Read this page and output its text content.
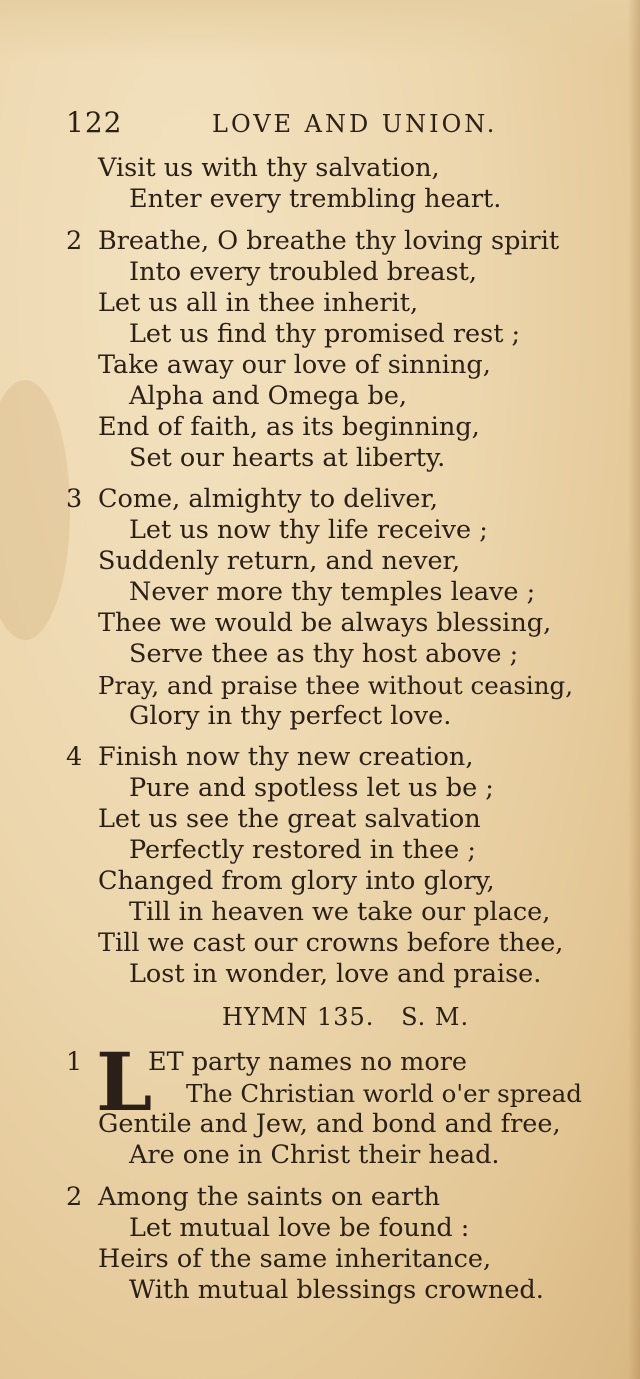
122	LOVE AND UNION.
Visit us with thy salvation,
Enter every trembling heart.
2 Breathe, O breathe thy loving spirit
Into every troubled breast,
Let us all in thee inherit,
Let us find thy promised rest ;
Take away our love of sinning,
Alpha and Omega be,
End of faith, as its beginning,
Set our hearts at liberty.
3 Come, almighty to deliver,
Let us now thy life receive ;
Suddenly return, and never,
Never more thy temples leave ;
Thee we would be always blessing,
Serve thee as thy host above ;
Pray, and praise thee without ceasing,
Glory in thy perfect love.
4 Finish now thy new creation,
Pure and spotless let us be ;
Let us see the great salvation
Perfectly restored in thee ;
Changed from glory into glory,
Till in heaven we take our place,
Till we cast our crowns before thee,
Lost in wonder, love and praise.
HYMN 135. S. M.
1 L
ET party names no more
The Christian world o'er spread
Gentile and Jew, and bond and free,
Are one in Christ their head.
2 Among the saints on earth
Let mutual love be found :
Heirs of the same inheritance,
With mutual blessings crowned.
